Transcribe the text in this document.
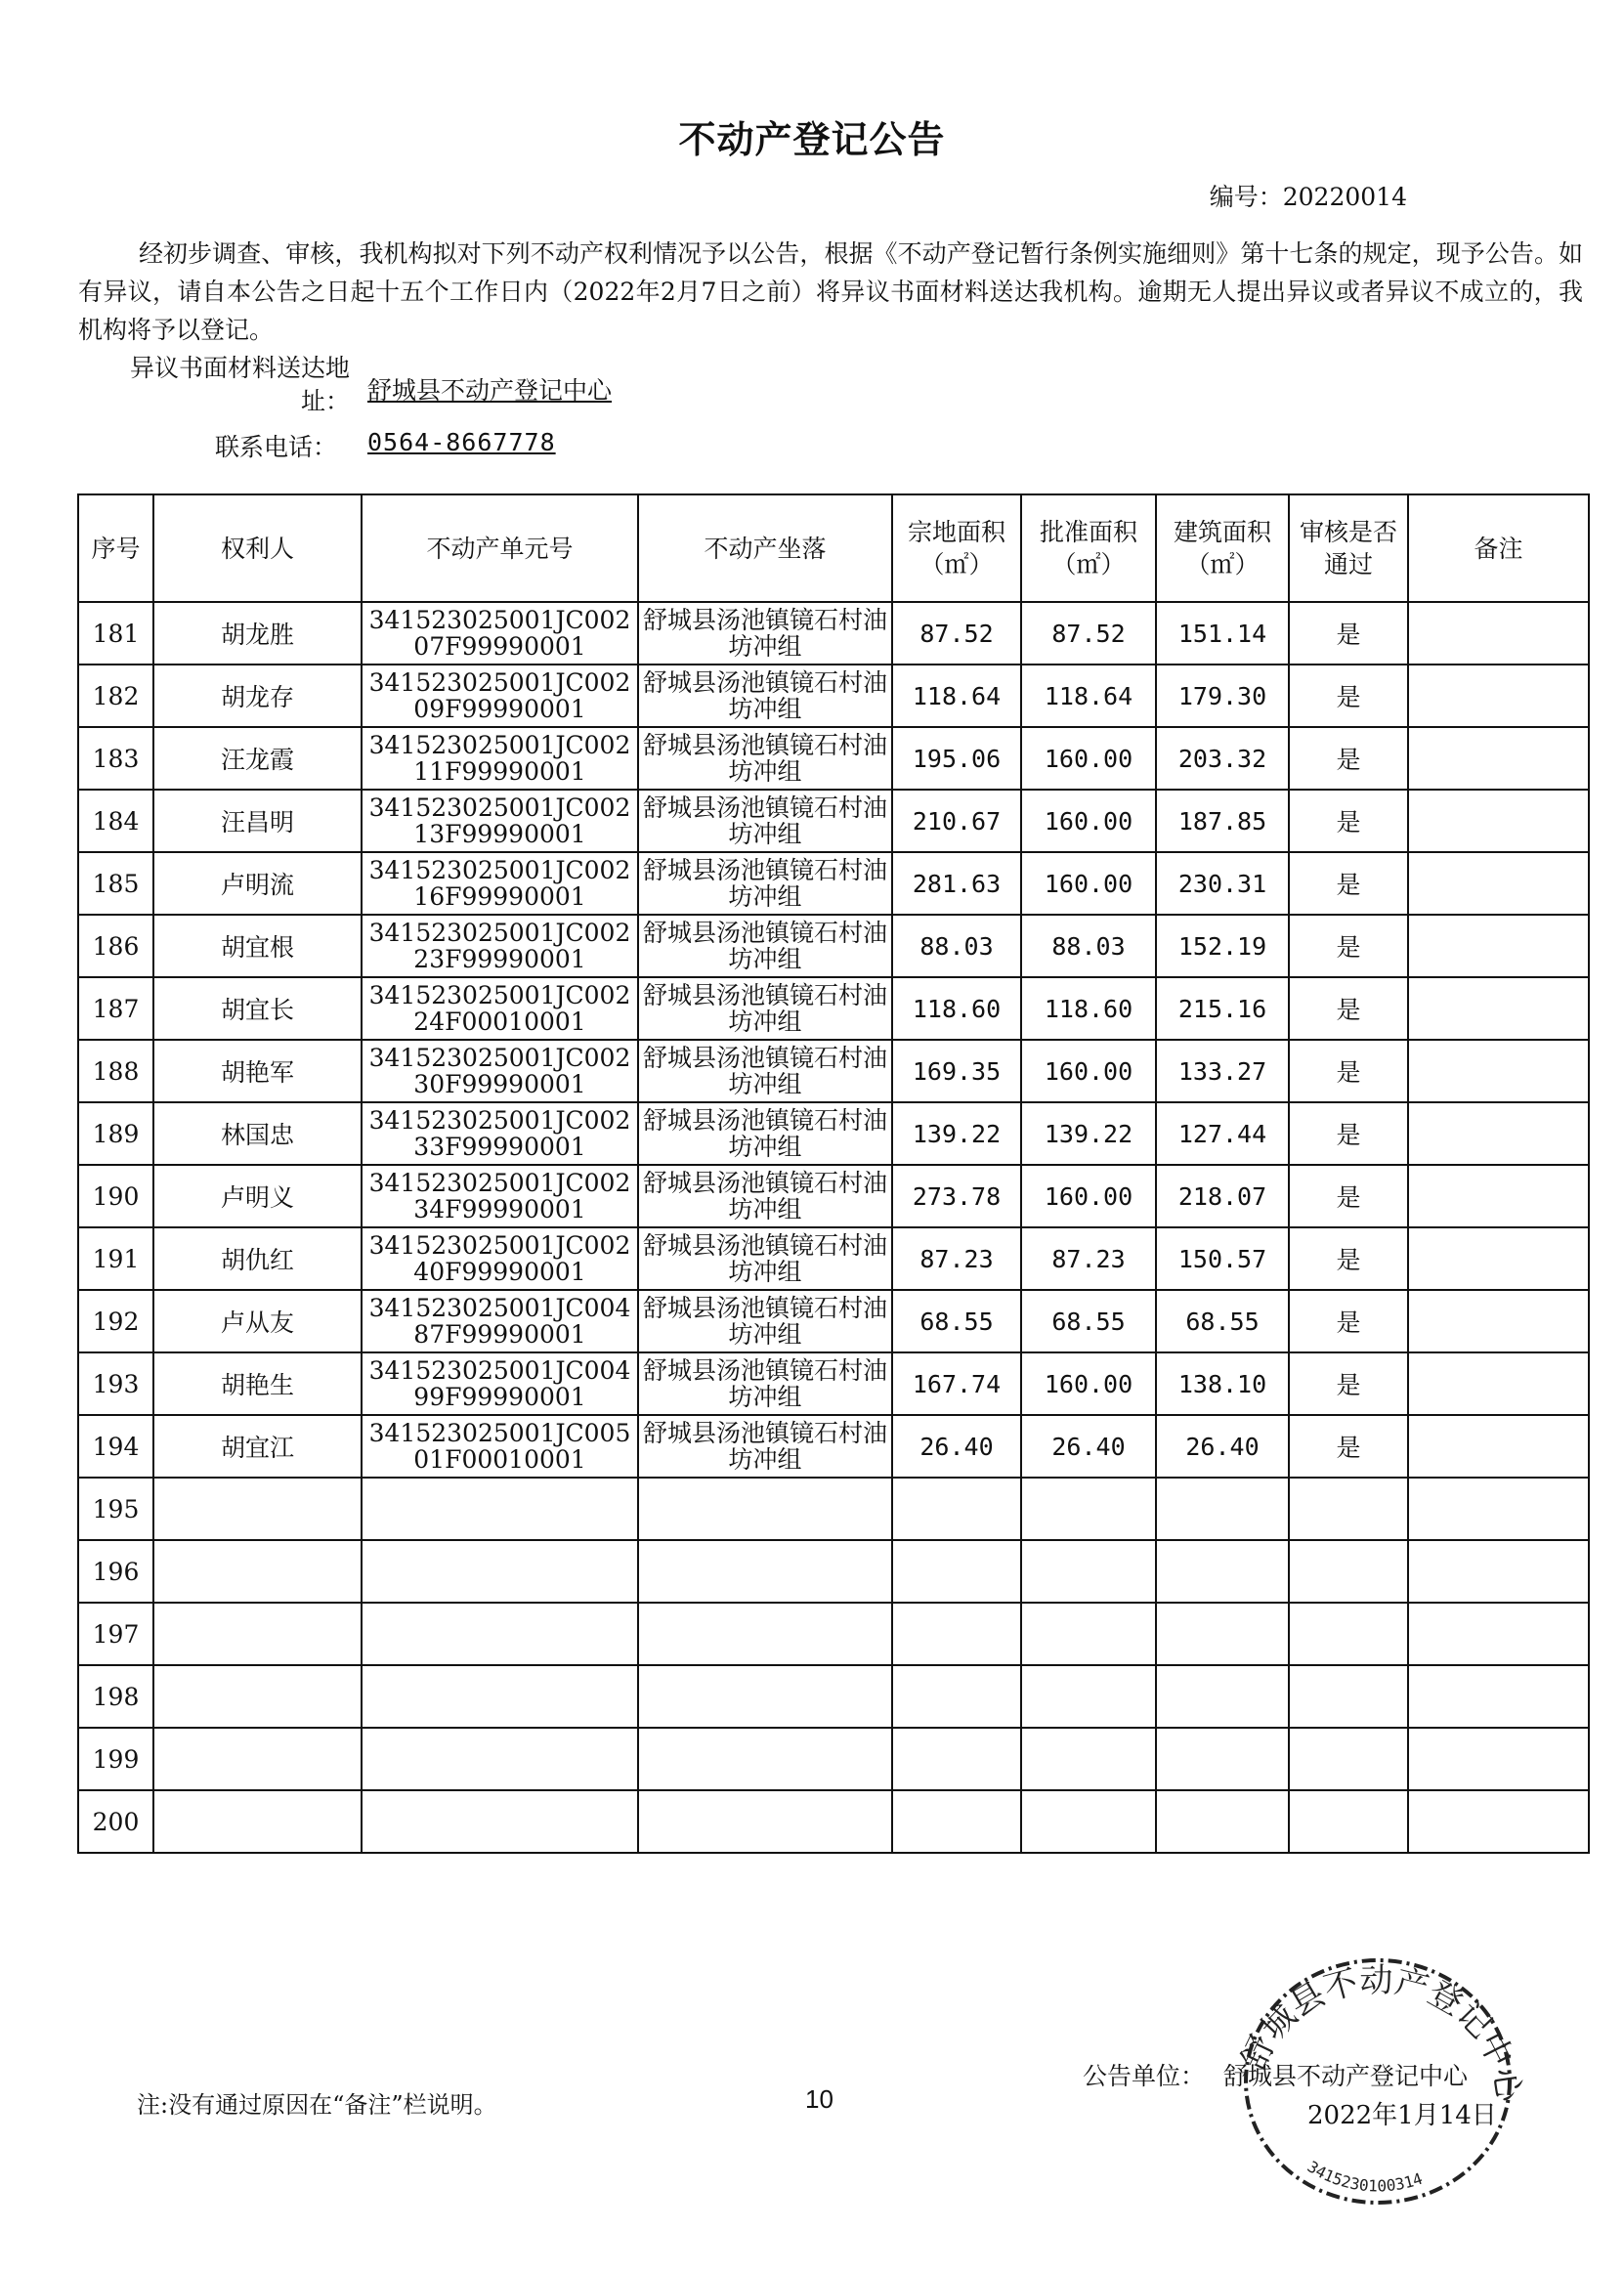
不动产登记公告
编号：20220014
经初步调查、审核，我机构拟对下列不动产权利情况予以公告，根据《不动产登记暂行条例实施细则》第十七条的规定，现予公告。如有异议，请自本公告之日起十五个工作日内（2022年2月7日之前）将异议书面材料送达我机构。逾期无人提出异议或者异议不成立的，我机构将予以登记。
异议书面材料送达地址： 舒城县不动产登记中心
联系电话： 0564-8667778
序号	权利人	不动产单元号	不动产坐落	宗地面积（㎡）	批准面积（㎡）	建筑面积（㎡）	审核是否通过	备注
181	胡龙胜	341523025001JC00207F99990001	舒城县汤池镇镜石村油坊冲组	87.52	87.52	151.14	是	
182	胡龙存	341523025001JC00209F99990001	舒城县汤池镇镜石村油坊冲组	118.64	118.64	179.30	是	
183	汪龙霞	341523025001JC00211F99990001	舒城县汤池镇镜石村油坊冲组	195.06	160.00	203.32	是	
184	汪昌明	341523025001JC00213F99990001	舒城县汤池镇镜石村油坊冲组	210.67	160.00	187.85	是	
185	卢明流	341523025001JC00216F99990001	舒城县汤池镇镜石村油坊冲组	281.63	160.00	230.31	是	
186	胡宜根	341523025001JC00223F99990001	舒城县汤池镇镜石村油坊冲组	88.03	88.03	152.19	是	
187	胡宜长	341523025001JC00224F00010001	舒城县汤池镇镜石村油坊冲组	118.60	118.60	215.16	是	
188	胡艳军	341523025001JC00230F99990001	舒城县汤池镇镜石村油坊冲组	169.35	160.00	133.27	是	
189	林国忠	341523025001JC00233F99990001	舒城县汤池镇镜石村油坊冲组	139.22	139.22	127.44	是	
190	卢明义	341523025001JC00234F99990001	舒城县汤池镇镜石村油坊冲组	273.78	160.00	218.07	是	
191	胡仇红	341523025001JC00240F99990001	舒城县汤池镇镜石村油坊冲组	87.23	87.23	150.57	是	
192	卢从友	341523025001JC00487F99990001	舒城县汤池镇镜石村油坊冲组	68.55	68.55	68.55	是	
193	胡艳生	341523025001JC00499F99990001	舒城县汤池镇镜石村油坊冲组	167.74	160.00	138.10	是	
194	胡宜江	341523025001JC00501F00010001	舒城县汤池镇镜石村油坊冲组	26.40	26.40	26.40	是	
195								
196								
197								
198								
199								
200								
注:没有通过原因在“备注”栏说明。	10
公告单位： 舒城县不动产登记中心
2022年1月14日
舒城县不动产登记中心
3415230100314
